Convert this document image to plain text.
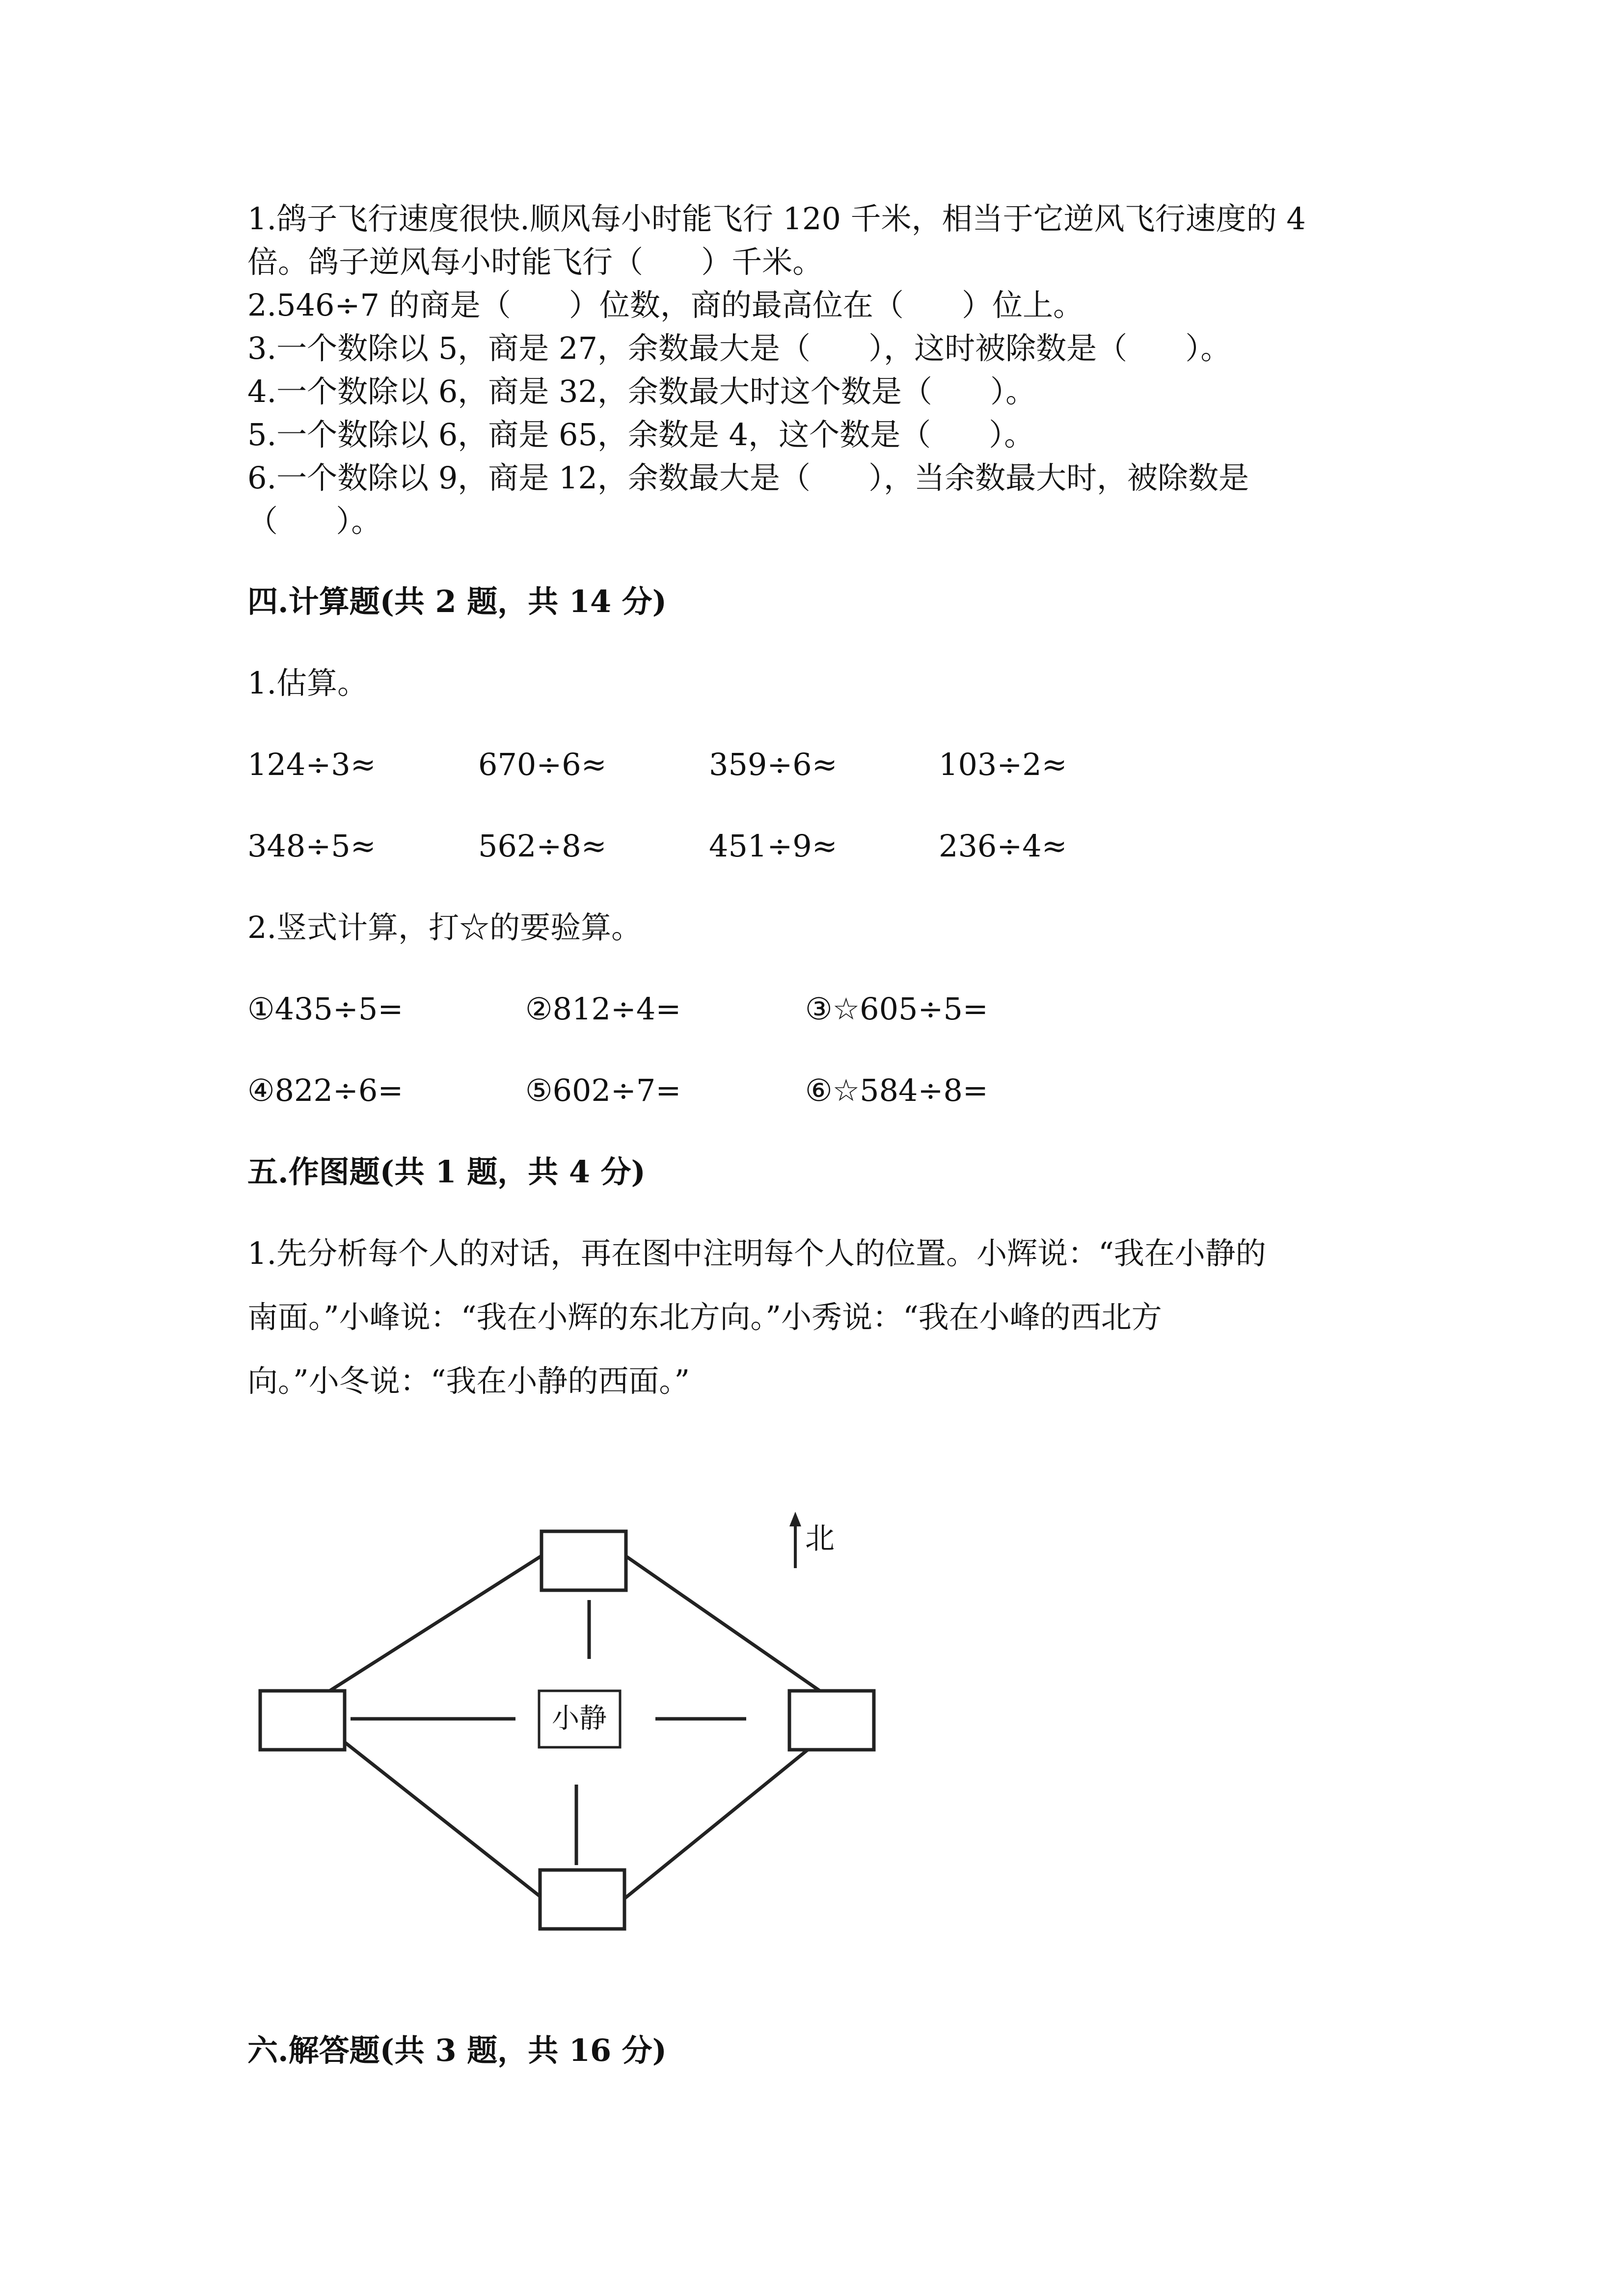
1.鸽子飞行速度很快.顺风每小时能飞行 120 千米，相当于它逆风飞行速度的 4
倍。鸽子逆风每小时能飞行（      ）千米。
2.546÷7 的商是（      ）位数，商的最高位在（      ）位上。
3.一个数除以 5，商是 27，余数最大是（      ），这时被除数是（      ）。
4.一个数除以 6，商是 32，余数最大时这个数是（      ）。
5.一个数除以 6，商是 65，余数是 4，这个数是（      ）。
6.一个数除以 9，商是 12，余数最大是（      ），当余数最大时，被除数是
（      ）。
四.计算题(共 2 题，共 14 分)
1.估算。
124÷3≈	670÷6≈	359÷6≈	103÷2≈
348÷5≈	562÷8≈	451÷9≈	236÷4≈
2.竖式计算，打☆的要验算。
①435÷5=	②812÷4=	③☆605÷5=
④822÷6=	⑤602÷7=	⑥☆584÷8=
五.作图题(共 1 题，共 4 分)
1.先分析每个人的对话，再在图中注明每个人的位置。小辉说：“我在小静的
南面。”小峰说：“我在小辉的东北方向。”小秀说：“我在小峰的西北方
向。”小冬说：“我在小静的西面。”
小静
北
六.解答题(共 3 题，共 16 分)
